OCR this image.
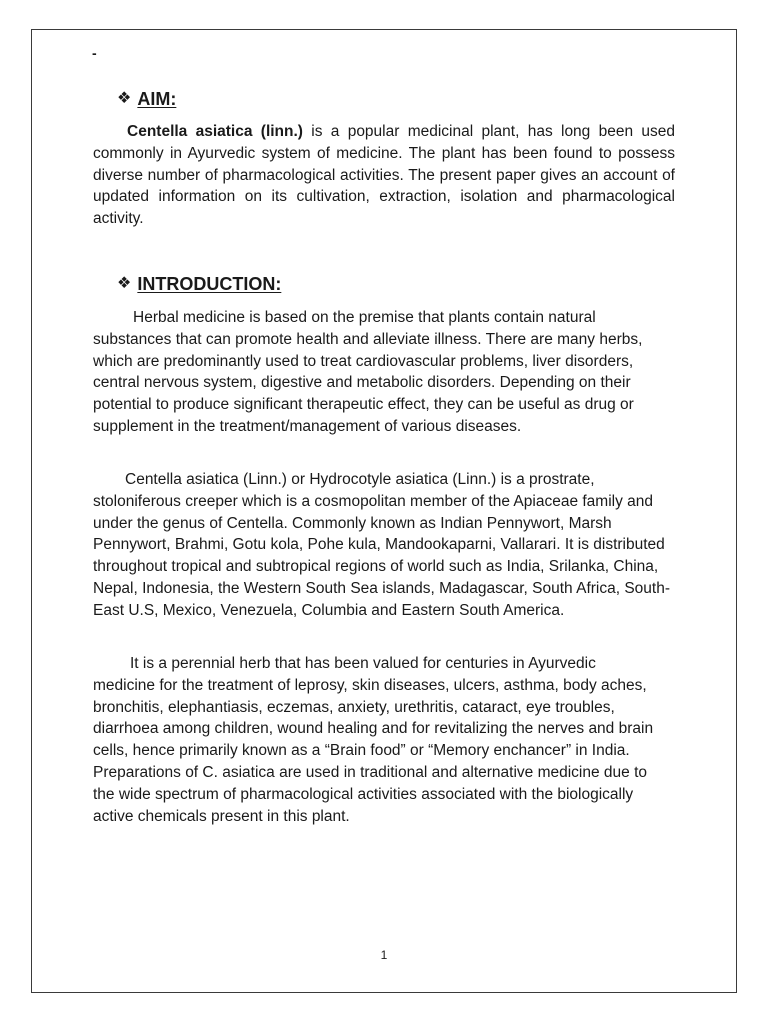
-
❖ AIM:

Centella asiatica (linn.) is a popular medicinal plant, has long been used commonly in Ayurvedic system of medicine. The plant has been found to possess diverse number of pharmacological activities. The present paper gives an account of updated information on its cultivation, extraction, isolation and pharmacological activity.

❖ INTRODUCTION:

Herbal medicine is based on the premise that plants contain natural substances that can promote health and alleviate illness. There are many herbs, which are predominantly used to treat cardiovascular problems, liver disorders, central nervous system, digestive and metabolic disorders. Depending on their potential to produce significant therapeutic effect, they can be useful as drug or supplement in the treatment/management of various diseases.

Centella asiatica (Linn.) or Hydrocotyle asiatica (Linn.) is a prostrate, stoloniferous creeper which is a cosmopolitan member of the Apiaceae family and under the genus of Centella. Commonly known as Indian Pennywort, Marsh Pennywort, Brahmi, Gotu kola, Pohe kula, Mandookaparni, Vallarari. It is distributed throughout tropical and subtropical regions of world such as India, Srilanka, China, Nepal, Indonesia, the Western South Sea islands, Madagascar, South Africa, South-East U.S, Mexico, Venezuela, Columbia and Eastern South America.

It is a perennial herb that has been valued for centuries in Ayurvedic medicine for the treatment of leprosy, skin diseases, ulcers, asthma, body aches, bronchitis, elephantiasis, eczemas, anxiety, urethritis, cataract, eye troubles, diarrhoea among children, wound healing and for revitalizing the nerves and brain cells, hence primarily known as a “Brain food” or “Memory enchancer” in India. Preparations of C. asiatica are used in traditional and alternative medicine due to the wide spectrum of pharmacological activities associated with the biologically active chemicals present in this plant.

1
